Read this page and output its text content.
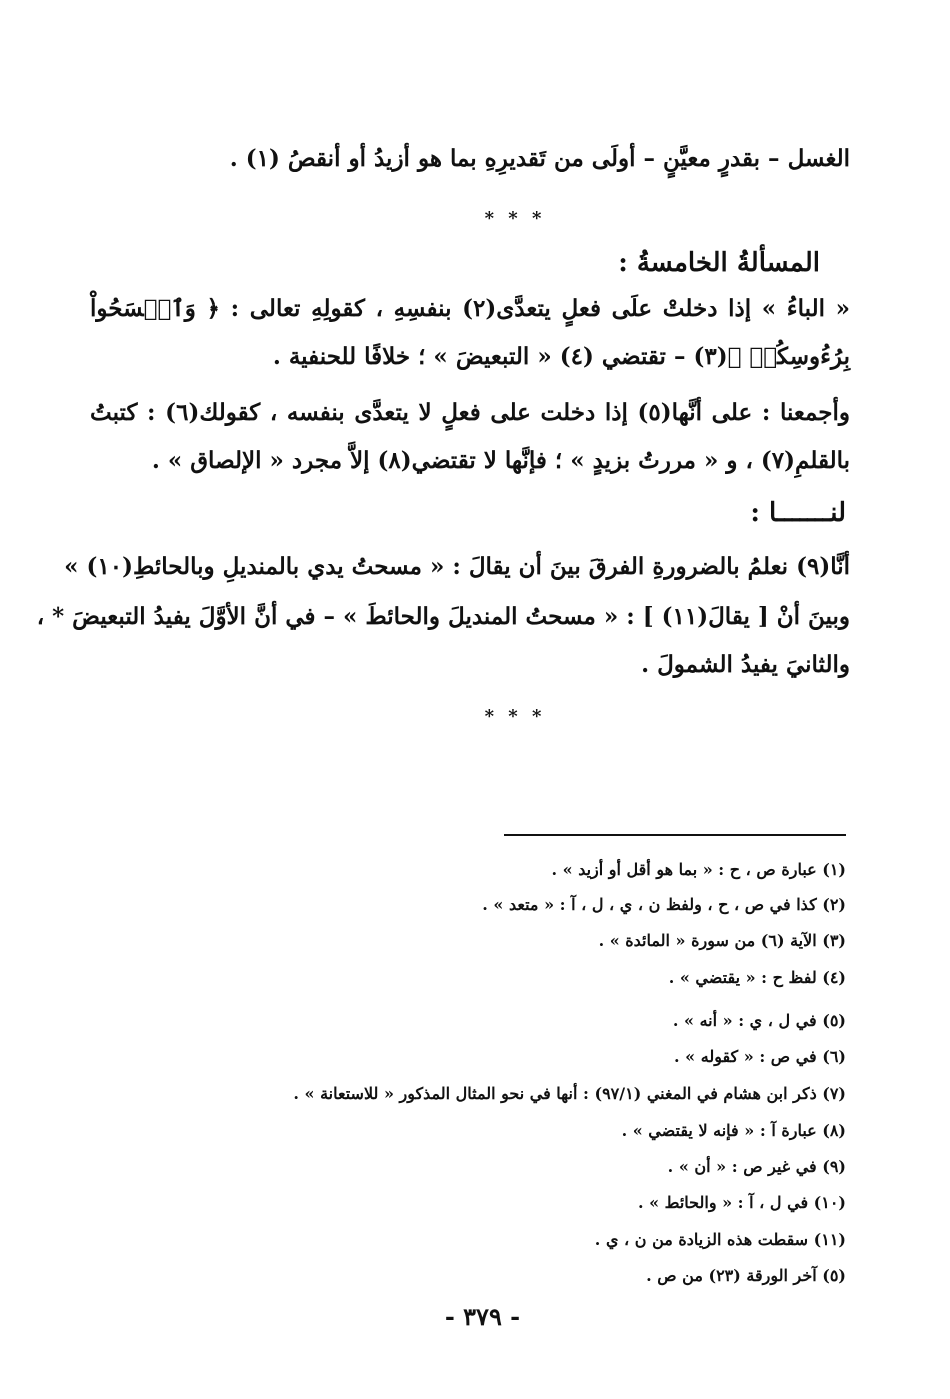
الغسل – بقدرٍ معيَّنٍ – أولَى من تَقديرِهِ بما هو أزيدُ أو أنقصُ (١) .
* * *
المسألةُ الخامسةُ :
« الباءُ » إذا دخلتْ علَى فعلٍ يتعدَّى(٢) بنفسِهِ ، كقولِهِ تعالى : ﴿ وَٱمۡسَحُواْ
بِرُءُوسِكُمۡ ﴾(٣) – تقتضي (٤) « التبعيضَ » ؛ خلافًا للحنفية .
وأجمعنا : على أنَّها(٥) إذا دخلت على فعلٍ لا يتعدَّى بنفسه ، كقولك(٦) : كتبتُ
بالقلمِ(٧) ، و « مررتُ بزيدٍ » ؛ فإنَّها لا تقتضي(٨) إلاَّ مجرد « الإلصاق » .
لنـــــــا :
أنَّا(٩) نعلمُ بالضرورةِ الفرقَ بينَ أن يقالَ : « مسحتُ يدي بالمنديلِ وبالحائطِ(١٠) »
وبينَ أنْ [ يقالَ(١١) ] : « مسحتُ المنديلَ والحائطَ » – في أنَّ الأوَّلَ يفيدُ التبعيضَ * ،
والثانيَ يفيدُ الشمولَ .
* * *
(١) عبارة ص ، ح : « بما هو أقل أو أزيد » .
(٢) كذا في ص ، ح ، ولفظ ن ، ي ، ل ، آ : « متعد » .
(٣) الآية (٦) من سورة « المائدة » .
(٤) لفظ ح : « يقتضي » .
(٥) في ل ، ي : « أنه » .
(٦) في ص : « كقوله » .
(٧) ذكر ابن هشام في المغني (٩٧/١) : أنها في نحو المثال المذكور « للاستعانة » .
(٨) عبارة آ : « فإنه لا يقتضي » .
(٩) في غير ص : « أن » .
(١٠) في ل ، آ : « والحائط » .
(١١) سقطت هذه الزيادة من ن ، ي .
(٥) آخر الورقة (٢٣) من ص .
- ٣٧٩ -
